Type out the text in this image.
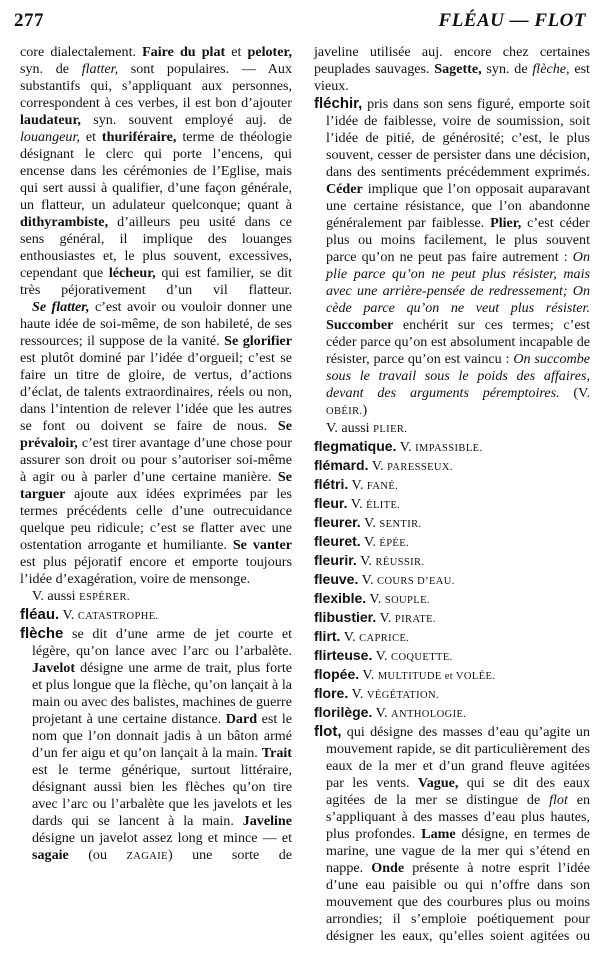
277	FLÉAU — FLOT

core dialectalement. Faire du plat et peloter, syn. de flatter, sont populaires. — Aux substantifs qui, s’appliquant aux personnes, correspondent à ces verbes, il est bon d’ajouter laudateur, syn. souvent employé auj. de louangeur, et thuriféraire, terme de théologie désignant le clerc qui porte l’encens, qui encense dans les cérémonies de l’Eglise, mais qui sert aussi à qualifier, d’une façon générale, un flatteur, un adulateur quelconque; quant à dithyrambiste, d’ailleurs peu usité dans ce sens général, il implique des louanges enthousiastes et, le plus souvent, excessives, cependant que lécheur, qui est familier, se dit très péjorativement d’un vil flatteur.

Se flatter, c’est avoir ou vouloir donner une haute idée de soi-même, de son habileté, de ses ressources; il suppose de la vanité. Se glorifier est plutôt dominé par l’idée d’orgueil; c’est se faire un titre de gloire, de vertus, d’actions d’éclat, de talents extraordinaires, réels ou non, dans l’intention de relever l’idée que les autres se font ou doivent se faire de nous. Se prévaloir, c’est tirer avantage d’une chose pour assurer son droit ou pour s’autoriser soi-même à agir ou à parler d’une certaine manière. Se targuer ajoute aux idées exprimées par les termes précédents celle d’une outrecuidance quelque peu ridicule; c’est se flatter avec une ostentation arrogante et humiliante. Se vanter est plus péjoratif encore et emporte toujours l’idée d’exagération, voire de mensonge.

V. aussi ESPÉRER.

fléau. V. CATASTROPHE.

flèche se dit d’une arme de jet courte et légère, qu’on lance avec l’arc ou l’arbalète. Javelot désigne une arme de trait, plus forte et plus longue que la flèche, qu’on lançait à la main ou avec des balistes, machines de guerre projetant à une certaine distance. Dard est le nom que l’on donnait jadis à un bâton armé d’un fer aigu et qu’on lançait à la main. Trait est le terme générique, surtout littéraire, désignant aussi bien les flèches qu’on tire avec l’arc ou l’arbalète que les javelots et les dards qui se lancent à la main. Javeline désigne un javelot assez long et mince — et sagaie (ou ZAGAIE) une sorte de

javeline utilisée auj. encore chez certaines peuplades sauvages. Sagette, syn. de flèche, est vieux.

fléchir, pris dans son sens figuré, emporte soit l’idée de faiblesse, voire de soumission, soit l’idée de pitié, de générosité; c’est, le plus souvent, cesser de persister dans une décision, dans des sentiments précédemment exprimés. Céder implique que l’on opposait auparavant une certaine résistance, que l’on abandonne généralement par faiblesse. Plier, c’est céder plus ou moins facilement, le plus souvent parce qu’on ne peut pas faire autrement : On plie parce qu’on ne peut plus résister, mais avec une arrière-pensée de redressement; On cède parce qu’on ne veut plus résister. Succomber enchérit sur ces termes; c’est céder parce qu’on est absolument incapable de résister, parce qu’on est vaincu : On succombe sous le travail sous le poids des affaires, devant des arguments péremptoires. (V. OBÉIR.)

V. aussi PLIER.

flegmatique. V. IMPASSIBLE.

flémard. V. PARESSEUX.

flétri. V. FANÉ.

fleur. V. ÉLITE.

fleurer. V. SENTIR.

fleuret. V. ÉPÉE.

fleurir. V. RÉUSSIR.

fleuve. V. COURS D’EAU.

flexible. V. SOUPLE.

flibustier. V. PIRATE.

flirt. V. CAPRICE.

flirteuse. V. COQUETTE.

flopée. V. MULTITUDE et VOLÉE.

flore. V. VÉGÉTATION.

florilège. V. ANTHOLOGIE.

flot, qui désigne des masses d’eau qu’agite un mouvement rapide, se dit particulièrement des eaux de la mer et d’un grand fleuve agitées par les vents. Vague, qui se dit des eaux agitées de la mer se distingue de flot en s’appliquant à des masses d’eau plus hautes, plus profondes. Lame désigne, en termes de marine, une vague de la mer qui s’étend en nappe. Onde présente à notre esprit l’idée d’une eau paisible ou qui n’offre dans son mouvement que des courbures plus ou moins arrondies; il s’emploie poétiquement pour désigner les eaux, qu’elles soient agitées ou
